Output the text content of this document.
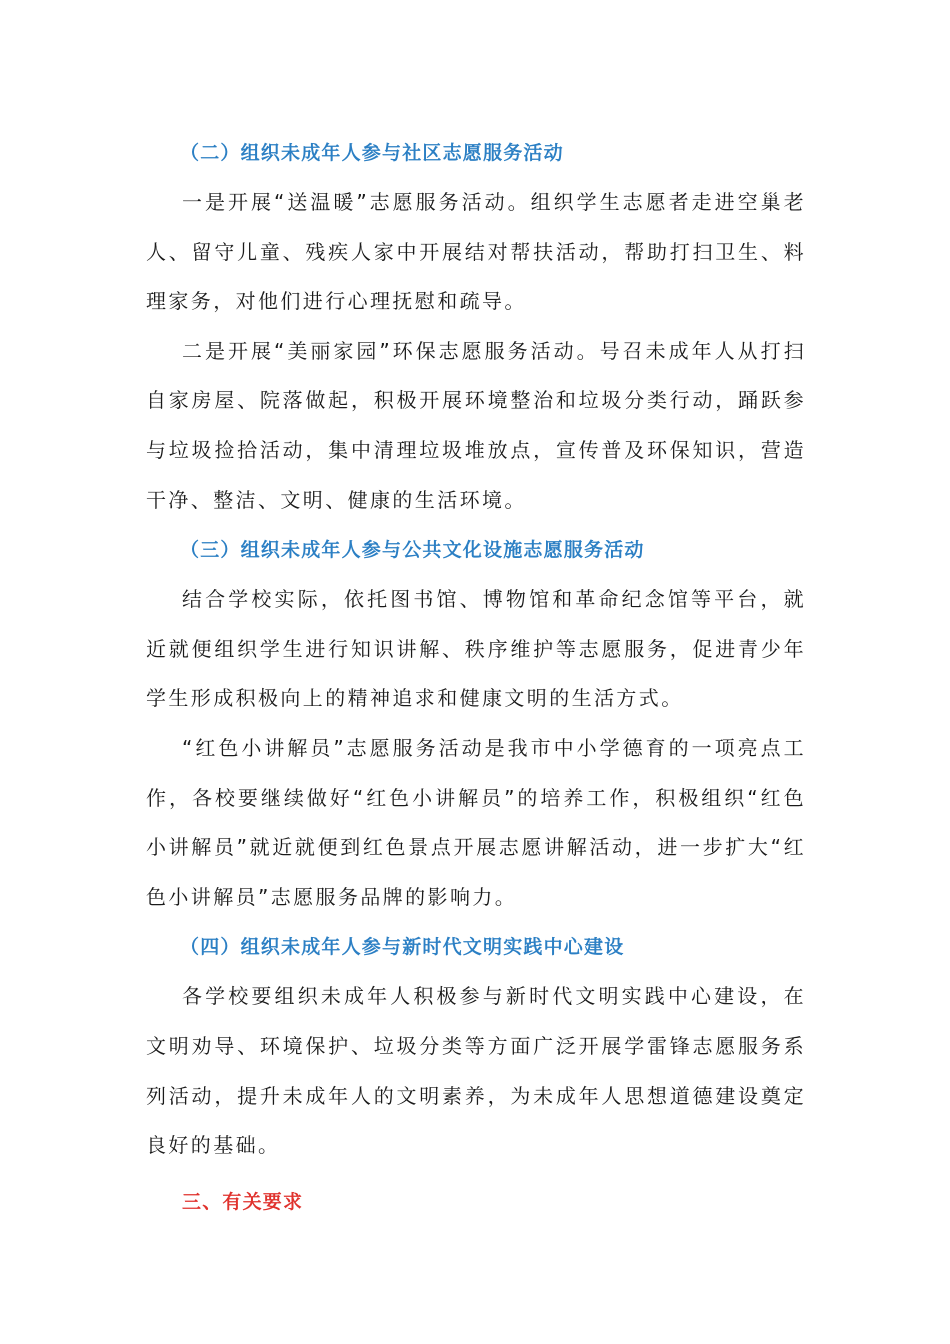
（二）组织未成年人参与社区志愿服务活动

一是开展“送温暖”志愿服务活动。组织学生志愿者走进空巢老人、留守儿童、残疾人家中开展结对帮扶活动，帮助打扫卫生、料理家务，对他们进行心理抚慰和疏导。

二是开展“美丽家园”环保志愿服务活动。号召未成年人从打扫自家房屋、院落做起，积极开展环境整治和垃圾分类行动，踊跃参与垃圾捡拾活动，集中清理垃圾堆放点，宣传普及环保知识，营造干净、整洁、文明、健康的生活环境。

（三）组织未成年人参与公共文化设施志愿服务活动

结合学校实际，依托图书馆、博物馆和革命纪念馆等平台，就近就便组织学生进行知识讲解、秩序维护等志愿服务，促进青少年学生形成积极向上的精神追求和健康文明的生活方式。

“红色小讲解员”志愿服务活动是我市中小学德育的一项亮点工作，各校要继续做好“红色小讲解员”的培养工作，积极组织“红色小讲解员”就近就便到红色景点开展志愿讲解活动，进一步扩大“红色小讲解员”志愿服务品牌的影响力。

（四）组织未成年人参与新时代文明实践中心建设

各学校要组织未成年人积极参与新时代文明实践中心建设，在文明劝导、环境保护、垃圾分类等方面广泛开展学雷锋志愿服务系列活动，提升未成年人的文明素养，为未成年人思想道德建设奠定良好的基础。

三、有关要求
